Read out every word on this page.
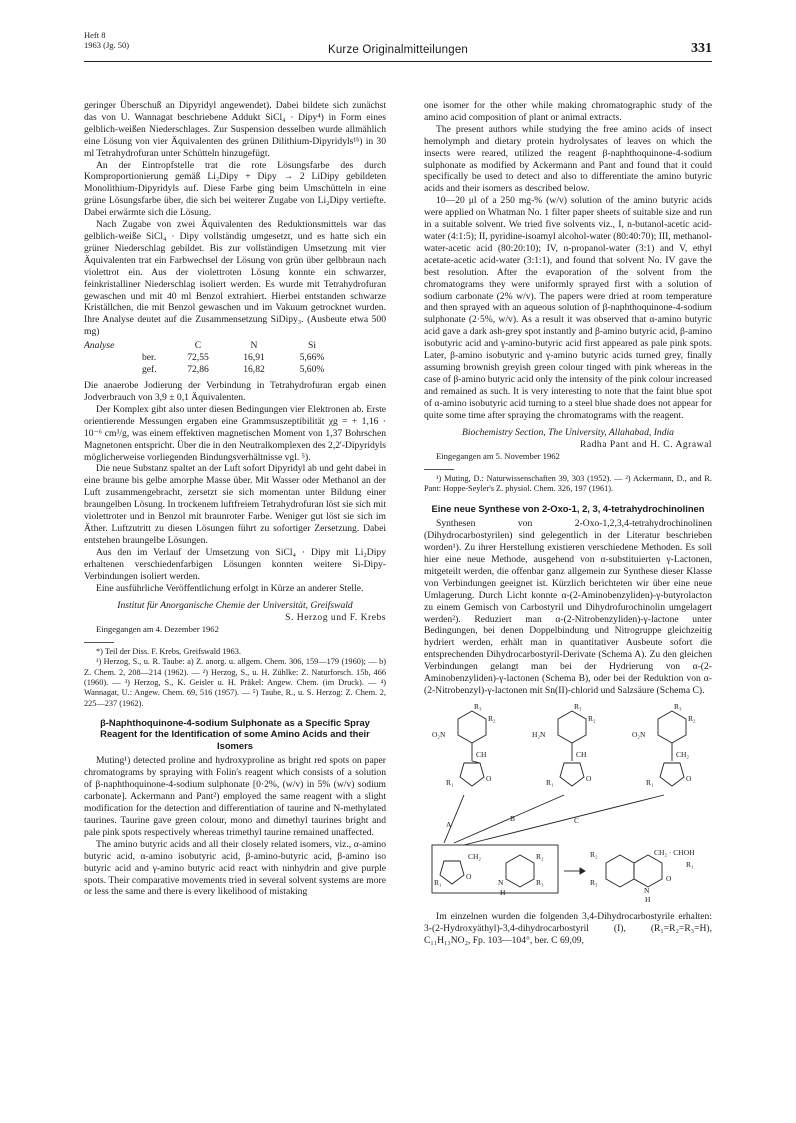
Heft 8
1963 (Jg. 50)	Kurze Originalmitteilungen	331

geringer Überschuß an Dipyridyl angewendet). Dabei bildete sich zunächst das von U. Wannagat beschriebene Addukt SiCl₄ · Dipy⁴) in Form eines gelblich-weißen Niederschlages. Zur Suspension desselben wurde allmählich eine Lösung von vier Äquivalenten des grünen Dilithium-Dipyridyls¹ᵇ) in 30 ml Tetrahydrofuran unter Schütteln hinzugefügt.

An der Eintropfstelle trat die rote Lösungsfarbe des durch Komproportionierung gemäß Li₂Dipy + Dipy → 2 LiDipy gebildeten Monolithium-Dipyridyls auf. Diese Farbe ging beim Umschütteln in eine grüne Lösungsfarbe über, die sich bei weiterer Zugabe von Li₂Dipy vertiefte. Dabei erwärmte sich die Lösung.

Nach Zugabe von zwei Äquivalenten des Reduktionsmittels war das gelblich-weiße SiCl₄ · Dipy vollständig umgesetzt, und es hatte sich ein grüner Niederschlag gebildet. Bis zur vollständigen Umsetzung mit vier Äquivalenten trat ein Farbwechsel der Lösung von grün über gelbbraun nach violettrot ein. Aus der violettroten Lösung konnte ein schwarzer, feinkristalliner Niederschlag isoliert werden. Es wurde mit Tetrahydrofuran gewaschen und mit 40 ml Benzol extrahiert. Hierbei entstanden schwarze Kriställchen, die mit Benzol gewaschen und im Vakuum getrocknet wurden. Ihre Analyse deutet auf die Zusammensetzung SiDipy₃. (Ausbeute etwa 500 mg)

Analyse	C	N	Si
ber.	72,55	16,91	5,66%
gef.	72,86	16,82	5,60%

Die anaerobe Jodierung der Verbindung in Tetrahydrofuran ergab einen Jodverbrauch von 3,9 ± 0,1 Äquivalenten.

Der Komplex gibt also unter diesen Bedingungen vier Elektronen ab. Erste orientierende Messungen ergaben eine Grammsuszeptibilität χg = + 1,16 · 10⁻⁶ cm³/g, was einem effektiven magnetischen Moment von 1,37 Bohrschen Magnetonen entspricht. Über die in den Neutralkomplexen des 2,2'-Dipyridyls möglicherweise vorliegenden Bindungsverhältnisse vgl. ⁵).

Die neue Substanz spaltet an der Luft sofort Dipyridyl ab und geht dabei in eine braune bis gelbe amorphe Masse über. Mit Wasser oder Methanol an der Luft zusammengebracht, zersetzt sie sich momentan unter Bildung einer braungelben Lösung. In trockenem luftfreiem Tetrahydrofuran löst sie sich mit violettroter und in Benzol mit braunroter Farbe. Weniger gut löst sie sich im Äther. Luftzutritt zu diesen Lösungen führt zu sofortiger Zersetzung. Dabei entstehen braungelbe Lösungen.

Aus den im Verlauf der Umsetzung von SiCl₄ · Dipy mit Li₂Dipy erhaltenen verschiedenfarbigen Lösungen konnten weitere Si-Dipy-Verbindungen isoliert werden.

Eine ausführliche Veröffentlichung erfolgt in Kürze an anderer Stelle.

Institut für Anorganische Chemie der Universität, Greifswald

S. Herzog und F. Krebs

Eingegangen am 4. Dezember 1962

*) Teil der Diss. F. Krebs, Greifswald 1963.

¹) Herzog, S., u. R. Taube: a) Z. anorg. u. allgem. Chem. 306, 159—179 (1960); — b) Z. Chem. 2, 208—214 (1962). — ²) Herzog, S., u. H. Zühlke: Z. Naturforsch. 15b, 466 (1960). — ³) Herzog, S., K. Geisler u. H. Präkel: Angew. Chem. (im Druck). — ⁴) Wannagat, U.: Angew. Chem. 69, 516 (1957). — ⁵) Taube, R., u. S. Herzog: Z. Chem. 2, 225—237 (1962).

β-Naphthoquinone-4-sodium Sulphonate as a Specific Spray Reagent for the Identification of some Amino Acids and their Isomers

Muting¹) detected proline and hydroxyproline as bright red spots on paper chromatograms by spraying with Folin's reagent which consists of a solution of β-naphthoquinone-4-sodium sulphonate [0·2%, (w/v) in 5% (w/v) sodium carbonate]. Ackermann and Pant²) employed the same reagent with a slight modification for the detection and differentiation of taurine and N-methylated taurines. Taurine gave green colour, mono and dimethyl taurines bright and pale pink spots respectively whereas trimethyl taurine remained unaffected.

The amino butyric acids and all their closely related isomers, viz., α-amino butyric acid, α-amino isobutyric acid, β-amino-butyric acid, β-amino iso butyric acid and γ-amino butyric acid react with ninhydrin and give purple spots. Their comparative movements tried in several solvent systems are more or less the same and there is every likelihood of mistaking

one isomer for the other while making chromatographic study of the amino acid composition of plant or animal extracts.

The present authors while studying the free amino acids of insect hemolymph and dietary protein hydrolysates of leaves on which the insects were reared, utilized the reagent β-naphthoquinone-4-sodium sulphonate as modified by Ackermann and Pant and found that it could specifically be used to detect and also to differentiate the amino butyric acids and their isomers as described below.

10—20 μl of a 250 mg-% (w/v) solution of the amino butyric acids were applied on Whatman No. 1 filter paper sheets of suitable size and run in a suitable solvent. We tried five solvents viz., I, n-butanol-acetic acid-water (4:1:5); II, pyridine-isoamyl alcohol-water (80:40:70); III, methanol-water-acetic acid (80:20:10); IV, n-propanol-water (3:1) and V, ethyl acetate-acetic acid-water (3:1:1), and found that solvent No. IV gave the best resolution. After the evaporation of the solvent from the chromatograms they were uniformly sprayed first with a solution of sodium carbonate (2% w/v). The papers were dried at room temperature and then sprayed with an aqueous solution of β-naphthoquinone-4-sodium sulphonate (2·5%, w/v). As a result it was observed that α-amino butyric acid gave a dark ash-grey spot instantly and β-amino butyric acid, β-amino isobutyric acid and γ-amino-butyric acid first appeared as pale pink spots. Later, β-amino isobutyric and γ-amino butyric acids turned grey, finally assuming brownish greyish green colour tinged with pink whereas in the case of β-amino butyric acid only the intensity of the pink colour increased and remained as such. It is very interesting to note that the faint blue spot of α-amino isobutyric acid turning to a steel blue shade does not appear for quite some time after spraying the chromatograms with the reagent.

Biochemistry Section, The University, Allahabad, India

Radha Pant and H. C. Agrawal

Eingegangen am 5. November 1962

¹) Muting, D.: Naturwissenschaften 39, 303 (1952). — ²) Ackermann, D., and R. Pant: Hoppe-Seyler's Z. physiol. Chem. 326, 197 (1961).

Eine neue Synthese von 2-Oxo-1, 2, 3, 4-tetrahydrochinolinen

Synthesen von 2-Oxo-1,2,3,4-tetrahydrochinolinen (Dihydrocarbostyrilen) sind gelegentlich in der Literatur beschrieben worden¹). Zu ihrer Herstellung existieren verschiedene Methoden. Es soll hier eine neue Methode, ausgehend von α-substituierten γ-Lactonen, mitgeteilt werden, die offenbar ganz allgemein zur Synthese dieser Klasse von Verbindungen geeignet ist. Kürzlich berichteten wir über eine neue Umlagerung. Durch Licht konnte α-(2-Aminobenzyliden)-γ-butyrolacton zu einem Gemisch von Carbostyril und Dihydrofurochinolin umgelagert werden²). Reduziert man α-(2-Nitrobenzyliden)-γ-lactone unter Bedingungen, bei denen Doppelbindung und Nitrogruppe gleichzeitig hydriert werden, erhält man in quantitativer Ausbeute sofort die entsprechenden Dihydrocarbostyril-Derivate (Schema A). Zu den gleichen Verbindungen gelangt man bei der Hydrierung von α-(2-Aminobenzyliden)-γ-lactonen (Schema B), oder bei der Reduktion von α-(2-Nitrobenzyl)-γ-lactonen mit Sn(II)-chlorid und Salzsäure (Schema C).

R₃
R₂
O₂N
CH
O
R₁
R₃
R₂
H₂N
CH
O
R₁
R₃
R₂
O₂N
CH₂
O
R₁
A
B	C
CH₂	R₂
O
R₁	N
H
R₃
R₂	CH₂ · CHOH
R₁
R₃
N
H
O

Im einzelnen wurden die folgenden 3,4-Dihydrocarbostyrile erhalten: 3-(2-Hydroxyäthyl)-3,4-dihydrocarbostyril (I), (R₁=R₂=R₃=H), C₁₁H₁₃NO₂, Fp. 103—104°, ber. C 69,09,
